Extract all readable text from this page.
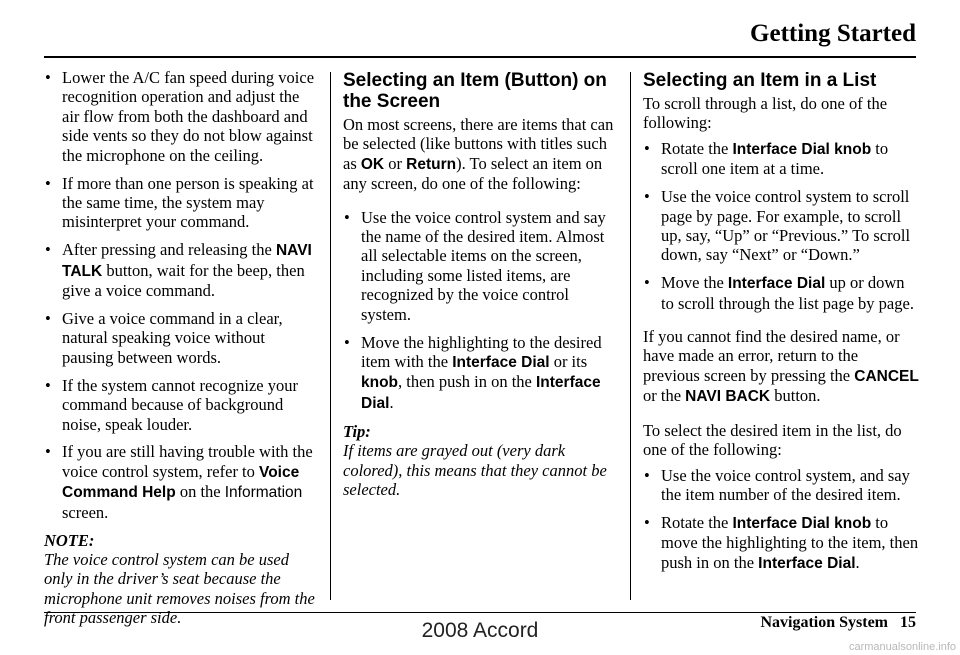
Getting Started
• Lower the A/C fan speed during voice recognition operation and adjust the air flow from both the dashboard and side vents so they do not blow against the microphone on the ceiling.
• If more than one person is speaking at the same time, the system may misinterpret your command.
• After pressing and releasing the NAVI TALK button, wait for the beep, then give a voice command.
• Give a voice command in a clear, natural speaking voice without pausing between words.
• If the system cannot recognize your command because of background noise, speak louder.
• If you are still having trouble with the voice control system, refer to Voice Command Help on the Information screen.
NOTE:

The voice control system can be used only in the driver’s seat because the microphone unit removes noises from the front passenger side.

Selecting an Item (Button) on the Screen

On most screens, there are items that can be selected (like buttons with titles such as OK or Return). To select an item on any screen, do one of the following:

• Use the voice control system and say the name of the desired item. Almost all selectable items on the screen, including some listed items, are recognized by the voice control system.
• Move the highlighting to the desired item with the Interface Dial or its knob, then push in on the Interface Dial.
Tip:

If items are grayed out (very dark colored), this means that they cannot be selected.

Selecting an Item in a List

To scroll through a list, do one of the following:

• Rotate the Interface Dial knob to scroll one item at a time.
• Use the voice control system to scroll page by page. For example, to scroll up, say, “Up” or “Previous.” To scroll down, say “Next” or “Down.”
• Move the Interface Dial up or down to scroll through the list page by page.

If you cannot find the desired name, or have made an error, return to the previous screen by pressing the CANCEL or the NAVI BACK button.

To select the desired item in the list, do one of the following:

• Use the voice control system, and say the item number of the desired item.
• Rotate the Interface Dial knob to move the highlighting to the item, then push in on the Interface Dial.
Navigation System 15
2008 Accord
carmanualsonline.info
